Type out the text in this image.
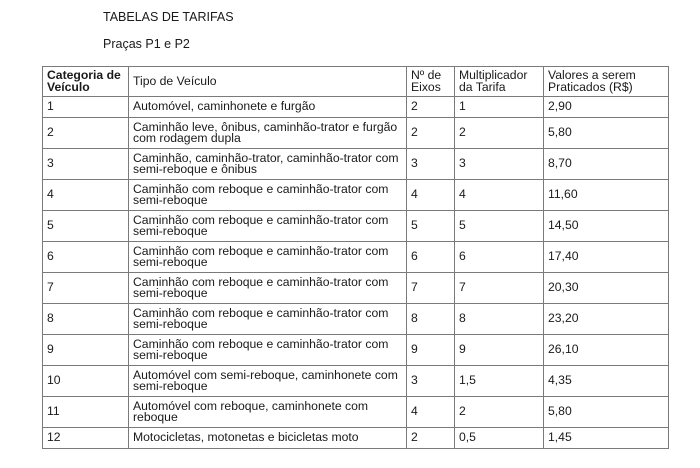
TABELAS DE TARIFAS
Praças P1 e P2
Categoria de Veículo	Tipo de Veículo	Nº de Eixos	Multiplicador da Tarifa	Valores a serem Praticados (R$)
1	Automóvel, caminhonete e furgão	2	1	2,90
2	Caminhão leve, ônibus, caminhão-trator e furgão com rodagem dupla	2	2	5,80
3	Caminhão, caminhão-trator, caminhão-trator com semi-reboque e ônibus	3	3	8,70
4	Caminhão com reboque e caminhão-trator com semi-reboque	4	4	11,60
5	Caminhão com reboque e caminhão-trator com semi-reboque	5	5	14,50
6	Caminhão com reboque e caminhão-trator com semi-reboque	6	6	17,40
7	Caminhão com reboque e caminhão-trator com semi-reboque	7	7	20,30
8	Caminhão com reboque e caminhão-trator com semi-reboque	8	8	23,20
9	Caminhão com reboque e caminhão-trator com semi-reboque	9	9	26,10
10	Automóvel com semi-reboque, caminhonete com semi-reboque	3	1,5	4,35
11	Automóvel com reboque, caminhonete com reboque	4	2	5,80
12	Motocicletas, motonetas e bicicletas moto	2	0,5	1,45
